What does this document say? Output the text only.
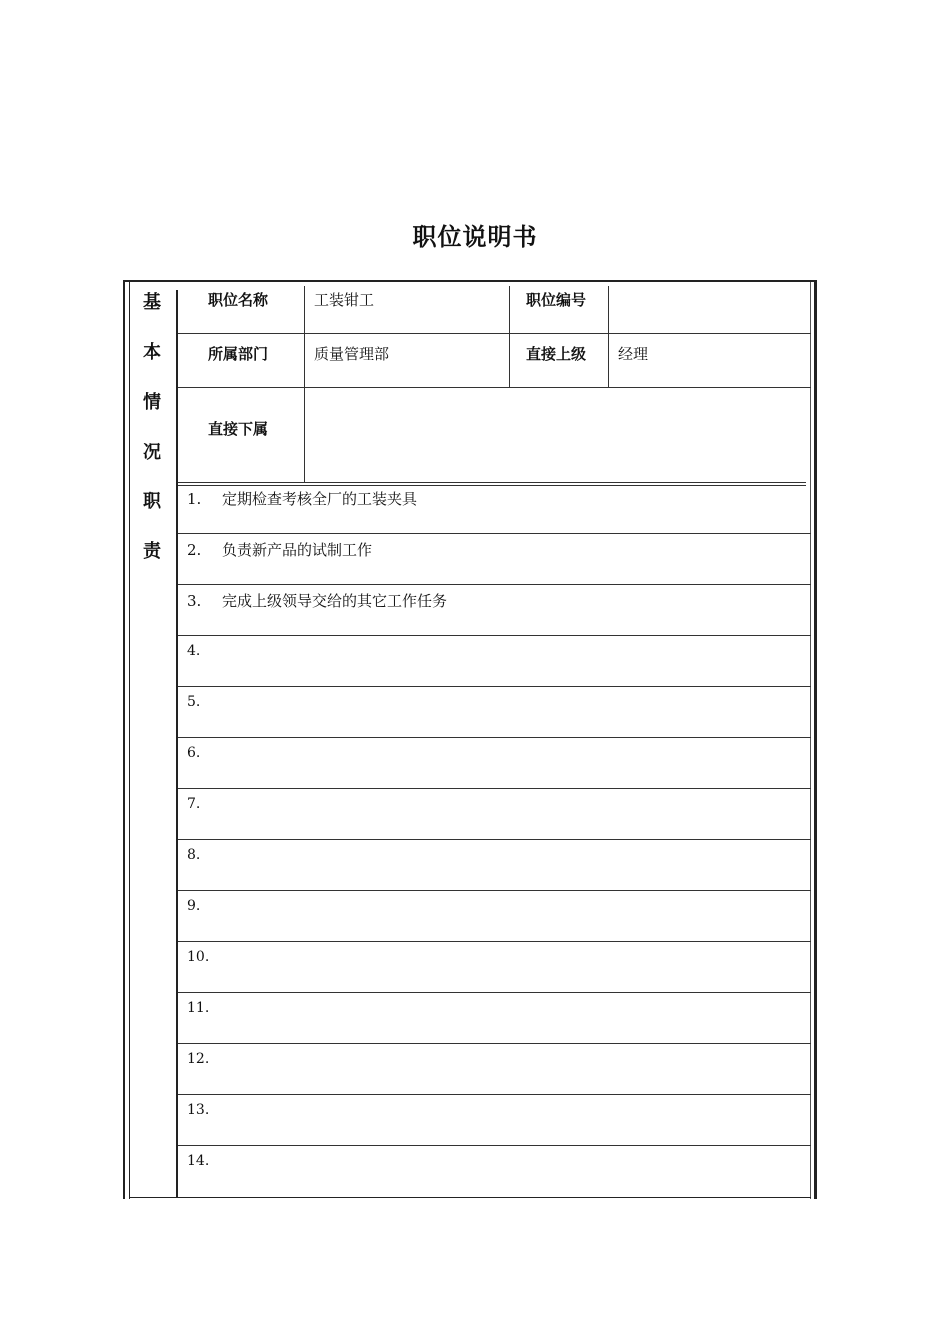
职位说明书
基
本
情
况
职
责
职位名称	工装钳工	职位编号
所属部门	质量管理部	直接上级 经理
直接下属
1. 定期检查考核全厂的工装夹具
2. 负责新产品的试制工作
3. 完成上级领导交给的其它工作任务
4.
5.
6.
7.
8.
9.
10.
11.
12.
13.
14.
